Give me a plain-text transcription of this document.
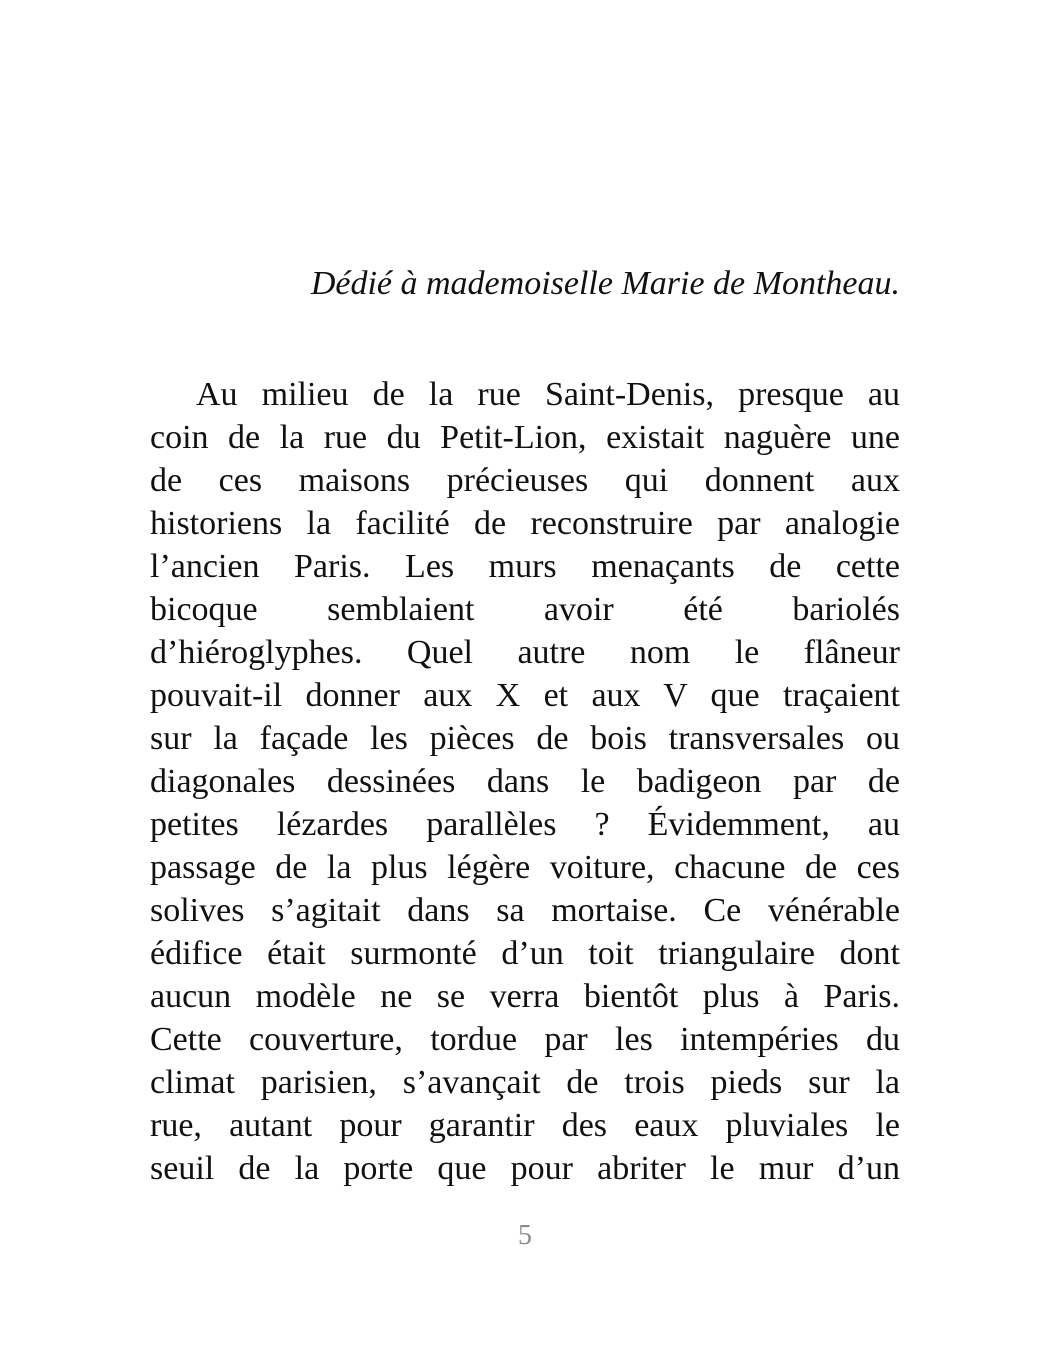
Dédié à mademoiselle Marie de Montheau.

Au milieu de la rue Saint-Denis, presque au
coin de la rue du Petit-Lion, existait naguère une
de ces maisons précieuses qui donnent aux
historiens la facilité de reconstruire par analogie
l’ancien Paris. Les murs menaçants de cette
bicoque semblaient avoir été bariolés
d’hiéroglyphes. Quel autre nom le flâneur
pouvait-il donner aux X et aux V que traçaient
sur la façade les pièces de bois transversales ou
diagonales dessinées dans le badigeon par de
petites lézardes parallèles ? Évidemment, au
passage de la plus légère voiture, chacune de ces
solives s’agitait dans sa mortaise. Ce vénérable
édifice était surmonté d’un toit triangulaire dont
aucun modèle ne se verra bientôt plus à Paris.
Cette couverture, tordue par les intempéries du
climat parisien, s’avançait de trois pieds sur la
rue, autant pour garantir des eaux pluviales le
seuil de la porte que pour abriter le mur d’un
5
